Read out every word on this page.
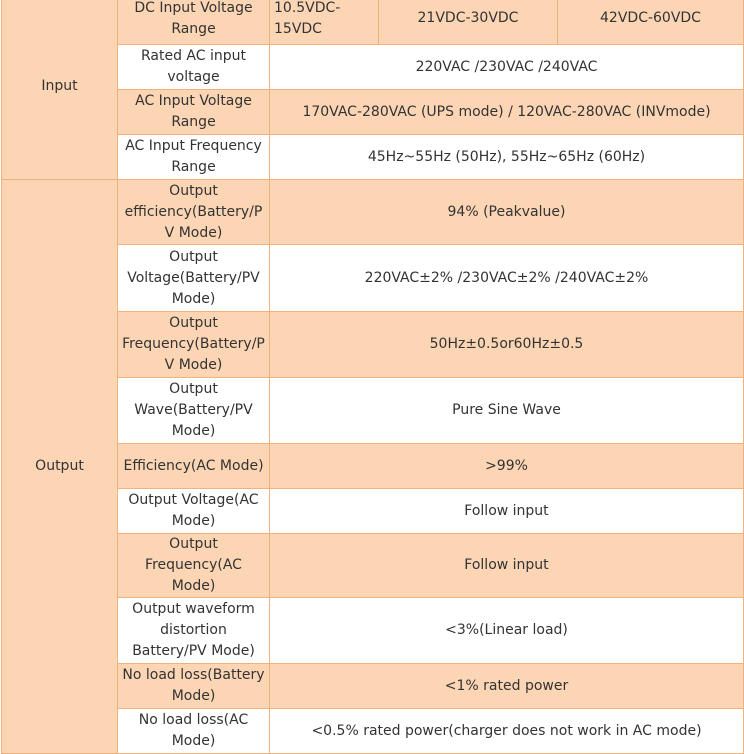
Input	DC Input Voltage Range	10.5VDC-15VDC	21VDC-30VDC	42VDC-60VDC
	Rated AC input voltage	220VAC /230VAC /240VAC		
	AC Input Voltage Range	170VAC-280VAC (UPS mode) / 120VAC-280VAC (INVmode)		
	AC Input Frequency Range	45Hz~55Hz (50Hz), 55Hz~65Hz (60Hz)		
Output	Output efficiency(Battery/PV Mode)	94% (Peakvalue)		
	Output Voltage(Battery/PV Mode)	220VAC±2% /230VAC±2% /240VAC±2%		
	Output Frequency(Battery/PV Mode)	50Hz±0.5or60Hz±0.5		
	Output Wave(Battery/PV Mode)	Pure Sine Wave		
	Efficiency(AC Mode)	>99%		
	Output Voltage(AC Mode)	Follow input		
	Output Frequency(AC Mode)	Follow input		
	Output waveform distortion Battery/PV Mode)	<3%(Linear load)		
	No load loss(Battery Mode)	<1% rated power		
	No load loss(AC Mode)	<0.5% rated power(charger does not work in AC mode)		
